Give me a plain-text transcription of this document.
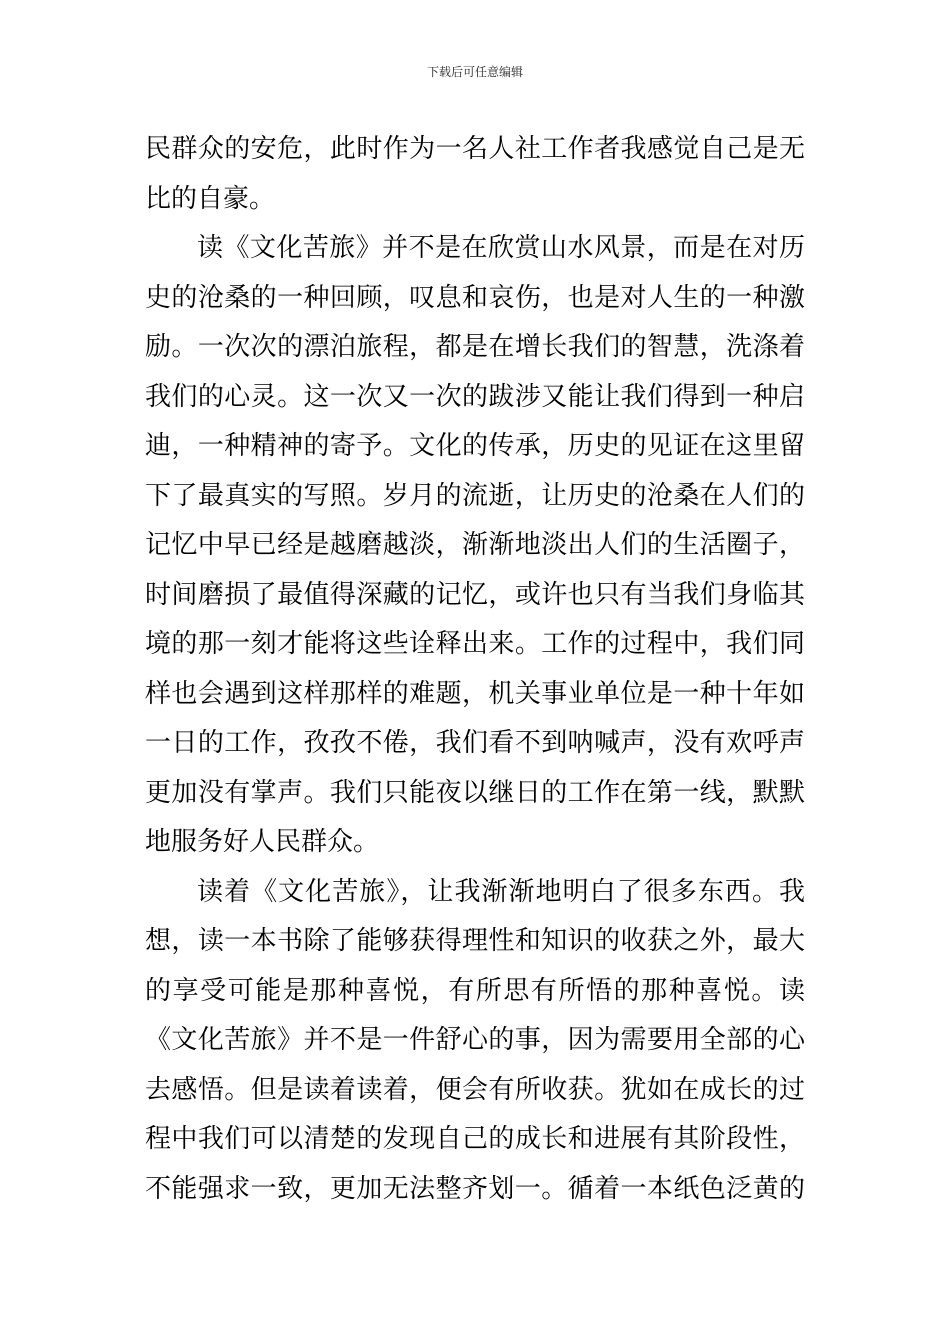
下载后可任意编辑
民群众的安危，此时作为一名人社工作者我感觉自己是无
比的自豪。
读《文化苦旅》并不是在欣赏山水风景，而是在对历
史的沧桑的一种回顾，叹息和哀伤，也是对人生的一种激
励。一次次的漂泊旅程，都是在增长我们的智慧，洗涤着
我们的心灵。这一次又一次的跋涉又能让我们得到一种启
迪，一种精神的寄予。文化的传承，历史的见证在这里留
下了最真实的写照。岁月的流逝，让历史的沧桑在人们的
记忆中早已经是越磨越淡，渐渐地淡出人们的生活圈子，
时间磨损了最值得深藏的记忆，或许也只有当我们身临其
境的那一刻才能将这些诠释出来。工作的过程中，我们同
样也会遇到这样那样的难题，机关事业单位是一种十年如
一日的工作，孜孜不倦，我们看不到呐喊声，没有欢呼声
更加没有掌声。我们只能夜以继日的工作在第一线，默默
地服务好人民群众。
读着《文化苦旅》，让我渐渐地明白了很多东西。我
想，读一本书除了能够获得理性和知识的收获之外，最大
的享受可能是那种喜悦，有所思有所悟的那种喜悦。读
《文化苦旅》并不是一件舒心的事，因为需要用全部的心
去感悟。但是读着读着，便会有所收获。犹如在成长的过
程中我们可以清楚的发现自己的成长和进展有其阶段性，
不能强求一致，更加无法整齐划一。循着一本纸色泛黄的
